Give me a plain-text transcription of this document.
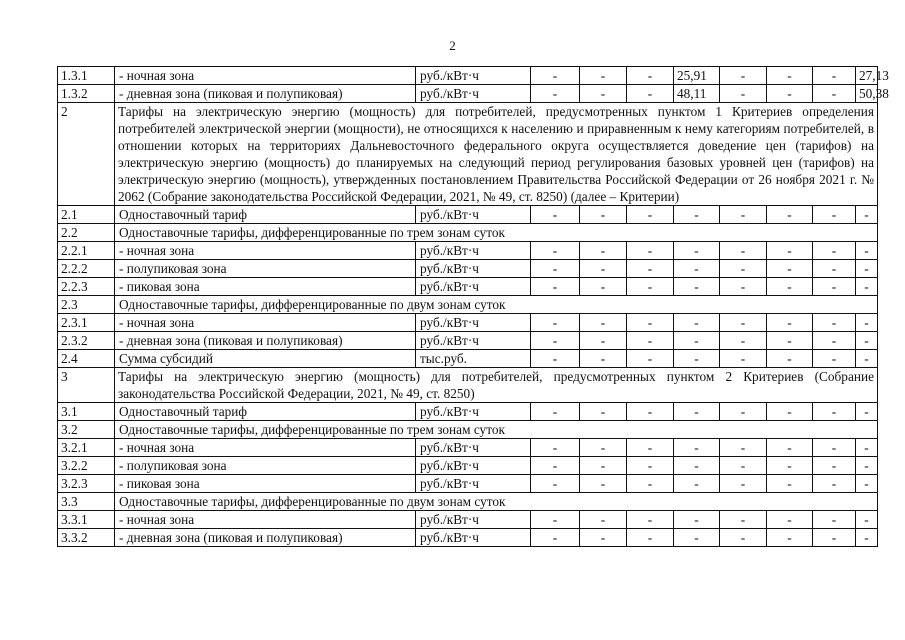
2
1.3.1	- ночная зона	руб./кВт·ч	-	-	-	25,91	-	-	-	27,13
1.3.2	- дневная зона (пиковая и полупиковая)	руб./кВт·ч	-	-	-	48,11	-	-	-	50,38
2	Тарифы на электрическую энергию (мощность) для потребителей, предусмотренных пунктом 1 Критериев определения потребителей электрической энергии (мощности), не относящихся к населению и приравненным к нему категориям потребителей, в отношении которых на территориях Дальневосточного федерального округа осуществляется доведение цен (тарифов) на электрическую энергию (мощность) до планируемых на следующий период регулирования базовых уровней цен (тарифов) на электрическую энергию (мощность), утвержденных постановлением Правительства Российской Федерации от 26 ноября 2021 г. № 2062 (Собрание законодательства Российской Федерации, 2021, № 49, ст. 8250) (далее – Критерии)									
2.1	Одноставочный тариф	руб./кВт·ч	-	-	-	-	-	-	-	-
2.2	Одноставочные тарифы, дифференцированные по трем зонам суток									
2.2.1	- ночная зона	руб./кВт·ч	-	-	-	-	-	-	-	-
2.2.2	- полупиковая зона	руб./кВт·ч	-	-	-	-	-	-	-	-
2.2.3	- пиковая зона	руб./кВт·ч	-	-	-	-	-	-	-	-
2.3	Одноставочные тарифы, дифференцированные по двум зонам суток									
2.3.1	- ночная зона	руб./кВт·ч	-	-	-	-	-	-	-	-
2.3.2	- дневная зона (пиковая и полупиковая)	руб./кВт·ч	-	-	-	-	-	-	-	-
2.4	Сумма субсидий	тыс.руб.	-	-	-	-	-	-	-	-
3	Тарифы на электрическую энергию (мощность) для потребителей, предусмотренных пунктом 2 Критериев (Собрание законодательства Российской Федерации, 2021, № 49, ст. 8250)									
3.1	Одноставочный тариф	руб./кВт·ч	-	-	-	-	-	-	-	-
3.2	Одноставочные тарифы, дифференцированные по трем зонам суток									
3.2.1	- ночная зона	руб./кВт·ч	-	-	-	-	-	-	-	-
3.2.2	- полупиковая зона	руб./кВт·ч	-	-	-	-	-	-	-	-
3.2.3	- пиковая зона	руб./кВт·ч	-	-	-	-	-	-	-	-
3.3	Одноставочные тарифы, дифференцированные по двум зонам суток									
3.3.1	- ночная зона	руб./кВт·ч	-	-	-	-	-	-	-	-
3.3.2	- дневная зона (пиковая и полупиковая)	руб./кВт·ч	-	-	-	-	-	-	-	-
